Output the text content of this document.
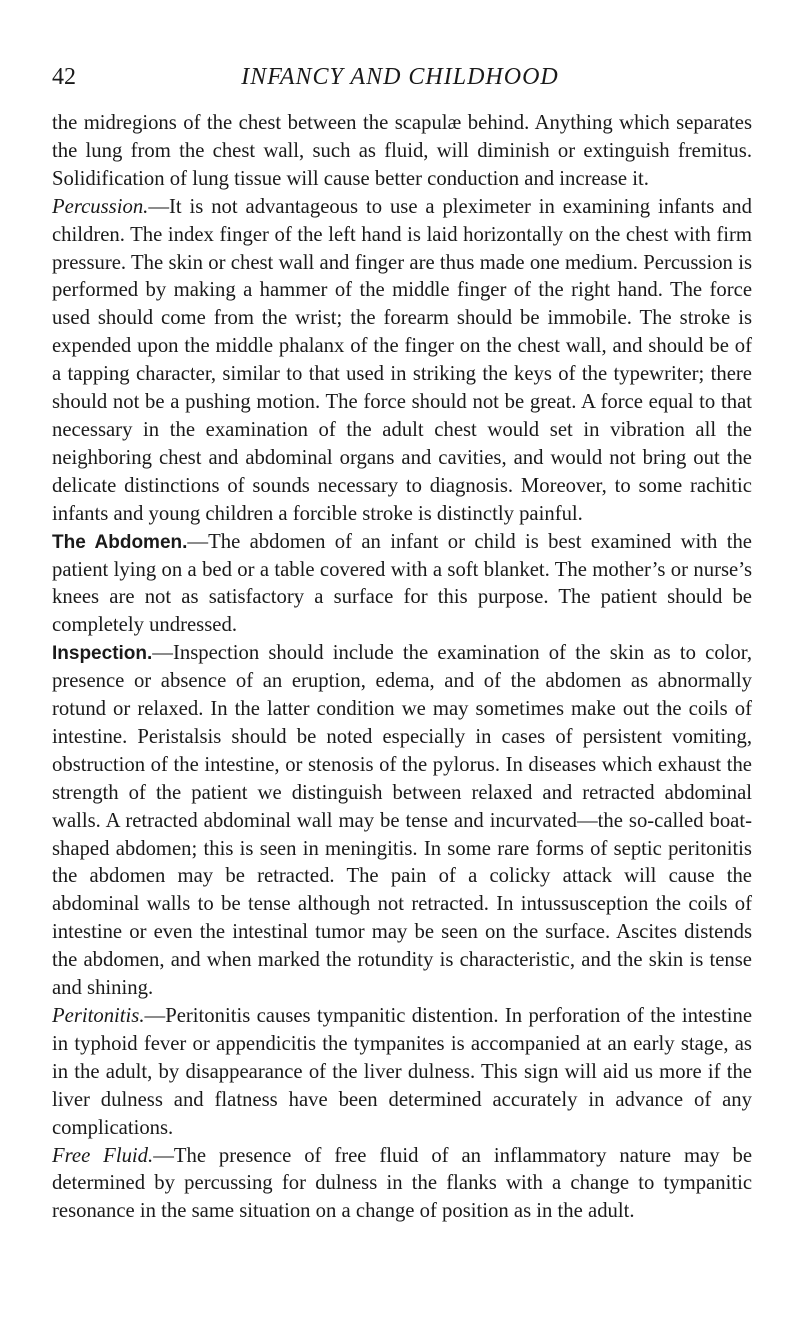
42	INFANCY AND CHILDHOOD

the midregions of the chest between the scapulæ behind. Anything which separates the lung from the chest wall, such as fluid, will diminish or extinguish fremitus. Solidification of lung tissue will cause better conduction and increase it.

Percussion.—It is not advantageous to use a pleximeter in examining infants and children. The index finger of the left hand is laid horizontally on the chest with firm pressure. The skin or chest wall and finger are thus made one medium. Percussion is performed by making a hammer of the middle finger of the right hand. The force used should come from the wrist; the forearm should be immobile. The stroke is expended upon the middle phalanx of the finger on the chest wall, and should be of a tapping character, similar to that used in striking the keys of the typewriter; there should not be a pushing motion. The force should not be great. A force equal to that necessary in the examination of the adult chest would set in vibration all the neighboring chest and abdominal organs and cavities, and would not bring out the delicate distinctions of sounds necessary to diagnosis. Moreover, to some rachitic infants and young children a forcible stroke is distinctly painful.

The Abdomen.—The abdomen of an infant or child is best examined with the patient lying on a bed or a table covered with a soft blanket. The mother’s or nurse’s knees are not as satisfactory a surface for this purpose. The patient should be completely undressed.

Inspection.—Inspection should include the examination of the skin as to color, presence or absence of an eruption, edema, and of the abdomen as abnormally rotund or relaxed. In the latter condition we may sometimes make out the coils of intestine. Peristalsis should be noted especially in cases of persistent vomiting, obstruction of the intestine, or stenosis of the pylorus. In diseases which exhaust the strength of the patient we distinguish between relaxed and retracted abdominal walls. A retracted abdominal wall may be tense and incurvated—the so-called boat-shaped abdomen; this is seen in meningitis. In some rare forms of septic peritonitis the abdomen may be retracted. The pain of a colicky attack will cause the abdominal walls to be tense although not retracted. In intussusception the coils of intestine or even the intestinal tumor may be seen on the surface. Ascites distends the abdomen, and when marked the rotundity is characteristic, and the skin is tense and shining.

Peritonitis.—Peritonitis causes tympanitic distention. In perforation of the intestine in typhoid fever or appendicitis the tympanites is accompanied at an early stage, as in the adult, by disappearance of the liver dulness. This sign will aid us more if the liver dulness and flatness have been determined accurately in advance of any complications.

Free Fluid.—The presence of free fluid of an inflammatory nature may be determined by percussing for dulness in the flanks with a change to tympanitic resonance in the same situation on a change of position as in the adult.
